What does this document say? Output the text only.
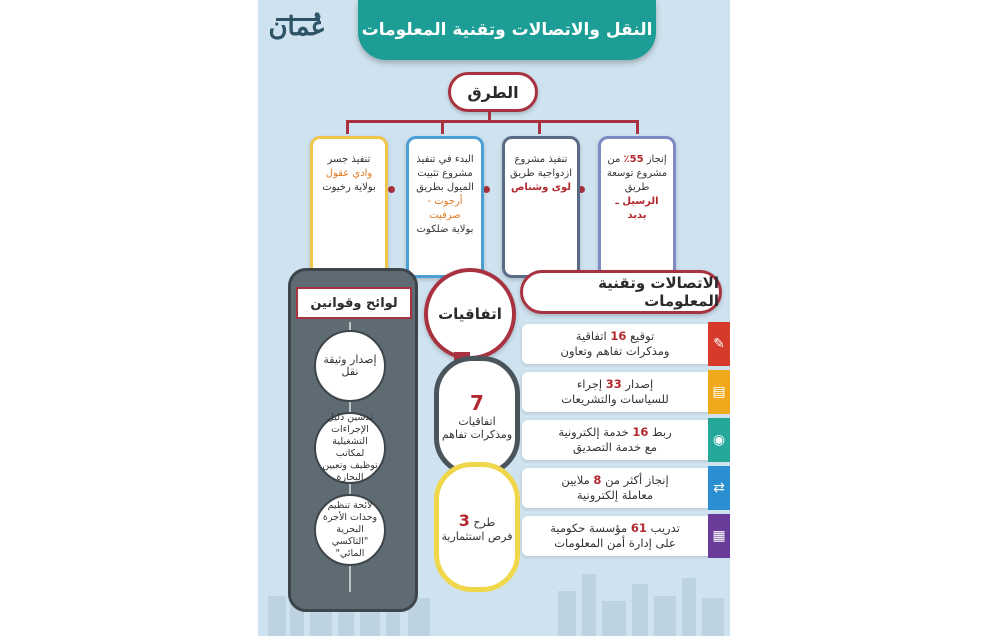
عُمان النقل والاتصالات وتقنية المعلومات
الطرق
إنجاز 55٪ من مشروع توسعة طريق
الرسيل ـ بدبد
تنفيذ مشروع ازدواجية طريق
لوى وشناص
البدء في تنفيذ مشروع تثبيت الميول بطريق
أرجوت - صرفيت
بولاية ضلكوت
تنفيذ جسر
وادي عقول
بولاية رخيوت
الاتصالات وتقنية المعلومات
توقيع 16 اتفاقية
ومذكرات تفاهم وتعاون	✎
إصدار 33 إجراء
للسياسات والتشريعات	▤
ربط 16 خدمة إلكترونية
مع خدمة التصديق	◉
إنجاز أكثر من 8 ملايين
معاملة إلكترونية	⇄
تدريب 61 مؤسسة حكومية
على إدارة أمن المعلومات	▦
اتفاقيات
7
اتفاقيات ومذكرات تفاهم
طرح 3
فرص استثمارية
لوائح وقوانين
إصدار وثيقة نقل
تدشين دليل الإجراءات التشغيلية لمكاتب توظيف وتعيين البحارة
لائحة تنظيم وحدات الأجرة البحرية "التاكسي المائي"
